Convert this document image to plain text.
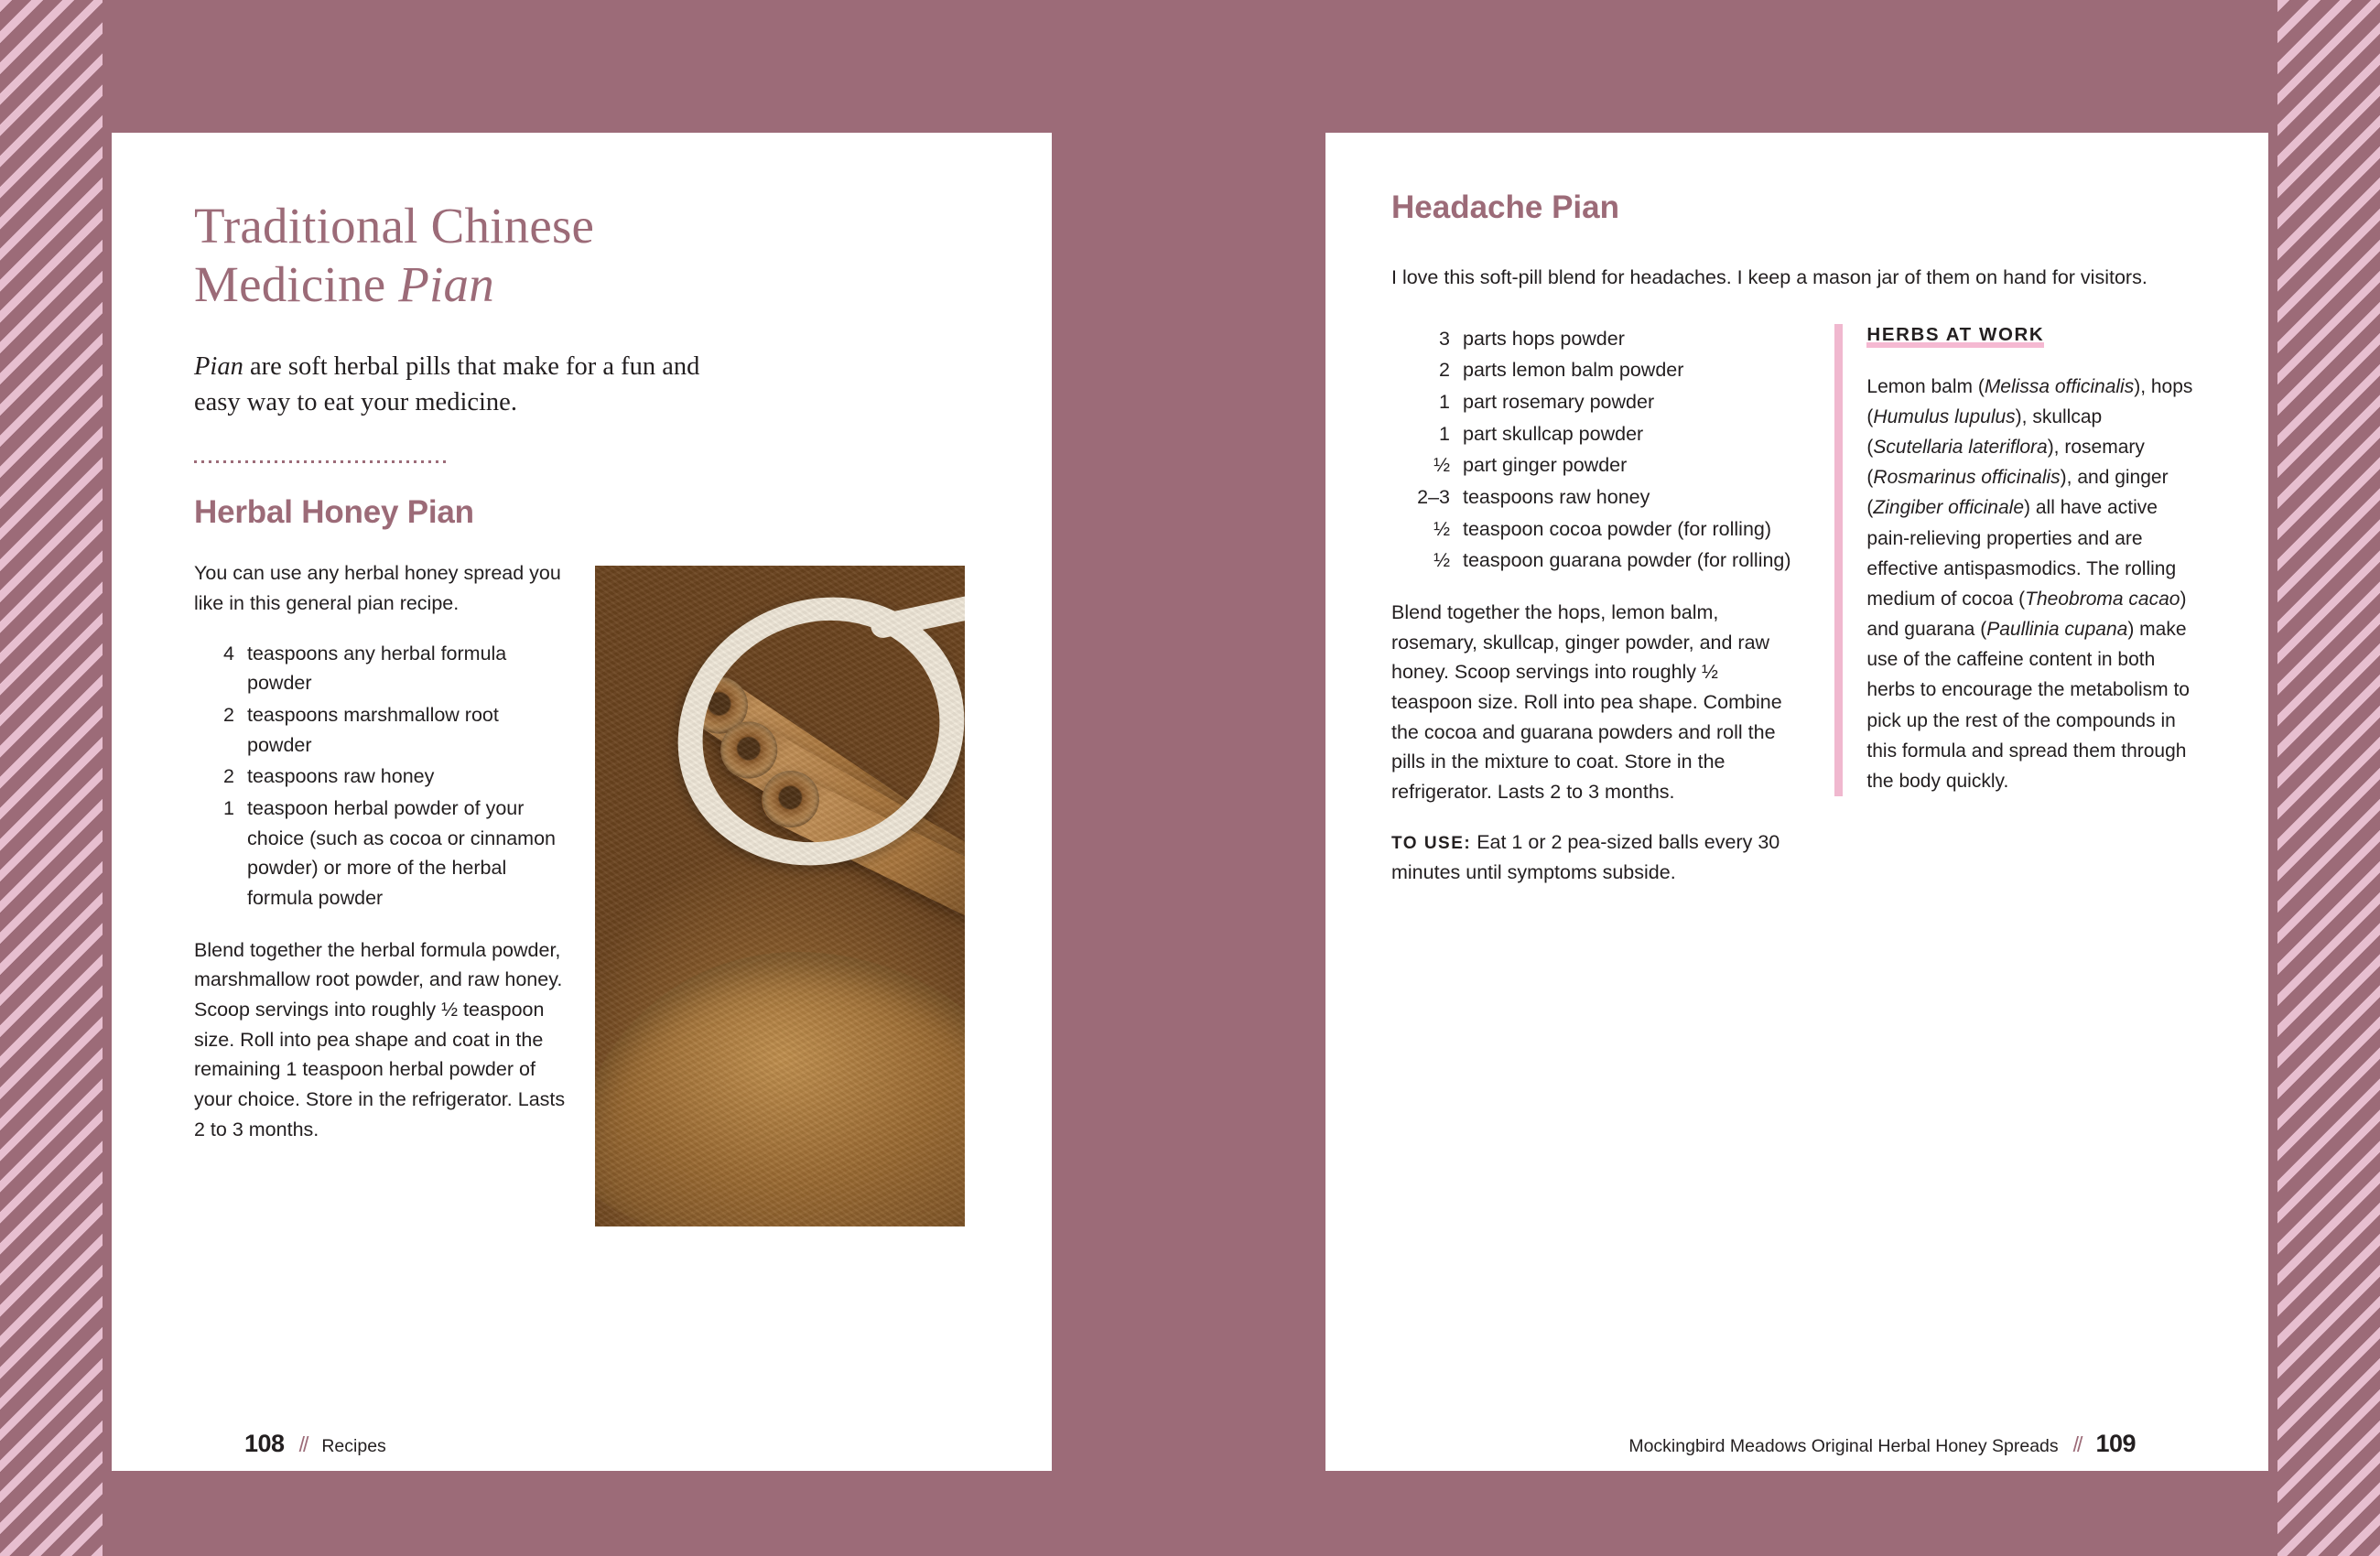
Traditional Chinese
Medicine Pian

Pian are soft herbal pills that make for a fun and easy way to eat your medicine.

Herbal Honey Pian

You can use any herbal honey spread you like in this general pian recipe.

4 teaspoons any herbal formula powder
2 teaspoons marshmallow root powder
2 teaspoons raw honey
1 teaspoon herbal powder of your choice (such as cocoa or cinnamon powder) or more of the herbal formula powder

Blend together the herbal formula powder, marshmallow root powder, and raw honey. Scoop servings into roughly ½ teaspoon size. Roll into pea shape and coat in the remaining 1 teaspoon herbal powder of your choice. Store in the refrigerator. Lasts 2 to 3 months.

108 // Recipes
Headache Pian

I love this soft-pill blend for headaches. I keep a mason jar of them on hand for visitors.

3 parts hops powder
2 parts lemon balm powder
1 part rosemary powder
1 part skullcap powder
½ part ginger powder
2–3 teaspoons raw honey
½ teaspoon cocoa powder (for rolling)
½ teaspoon guarana powder (for rolling)

Blend together the hops, lemon balm, rosemary, skullcap, ginger powder, and raw honey. Scoop servings into roughly ½ teaspoon size. Roll into pea shape. Combine the cocoa and guarana powders and roll the pills in the mixture to coat. Store in the refrigerator. Lasts 2 to 3 months.

TO USE: Eat 1 or 2 pea-sized balls every 30 minutes until symptoms subside.

HERBS AT WORK

Lemon balm (Melissa officinalis), hops (Humulus lupulus), skullcap (Scutellaria lateriflora), rosemary (Rosmarinus officinalis), and ginger (Zingiber officinale) all have active pain-relieving properties and are effective antispasmodics. The rolling medium of cocoa (Theobroma cacao) and guarana (Paullinia cupana) make use of the caffeine content in both herbs to encourage the metabolism to pick up the rest of the compounds in this formula and spread them through the body quickly.

Mockingbird Meadows Original Herbal Honey Spreads // 109
